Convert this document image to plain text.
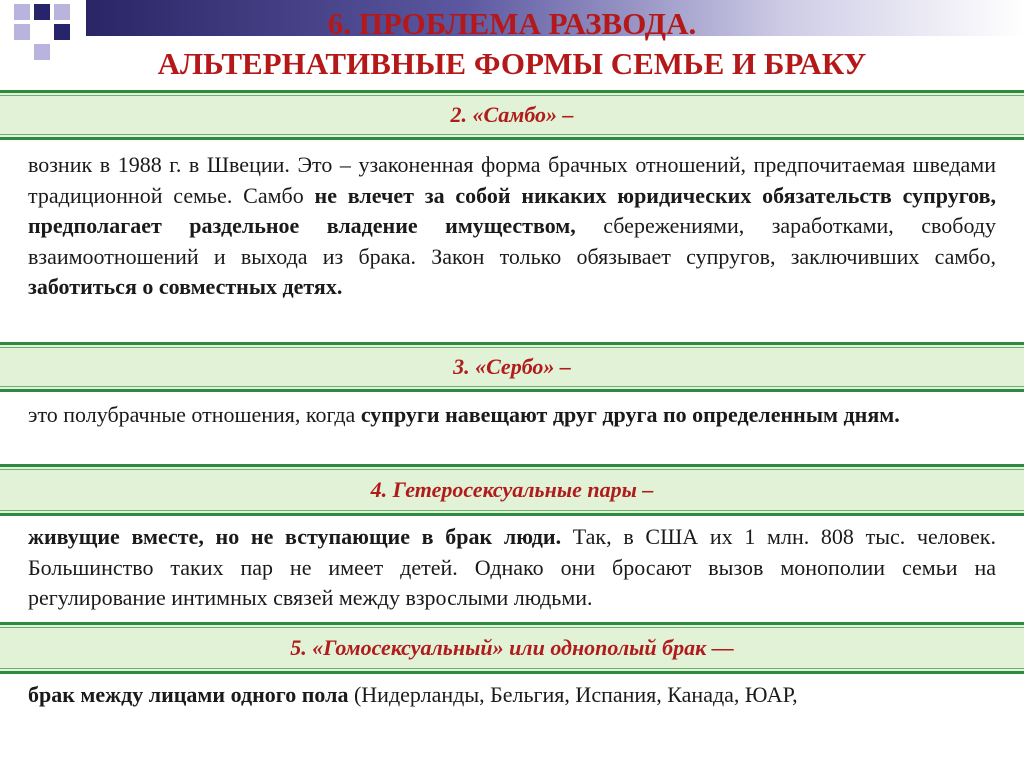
6. ПРОБЛЕМА РАЗВОДА.
АЛЬТЕРНАТИВНЫЕ ФОРМЫ СЕМЬЕ И БРАКУ
2. «Самбо» –
возник в 1988 г. в Швеции. Это – узаконенная форма брачных отношений, предпочитаемая шведами традиционной семье. Самбо не влечет за собой никаких юридических обязательств супругов, предполагает раздельное владение имуществом, сбережениями, заработками, свободу взаимоотношений и выхода из брака. Закон только обязывает супругов, заключивших самбо, заботиться о совместных детях.
3. «Сербо» –
это полубрачные отношения, когда супруги навещают друг друга по определенным дням.
4. Гетеросексуальные пары –
живущие вместе, но не вступающие в брак люди. Так, в США их 1 млн. 808 тыс. человек. Большинство таких пар не имеет детей. Однако они бросают вызов монополии семьи на регулирование интимных связей между взрослыми людьми.
5. «Гомосексуальный» или однополый брак —
брак между лицами одного пола (Нидерланды, Бельгия, Испания, Канада, ЮАР,
